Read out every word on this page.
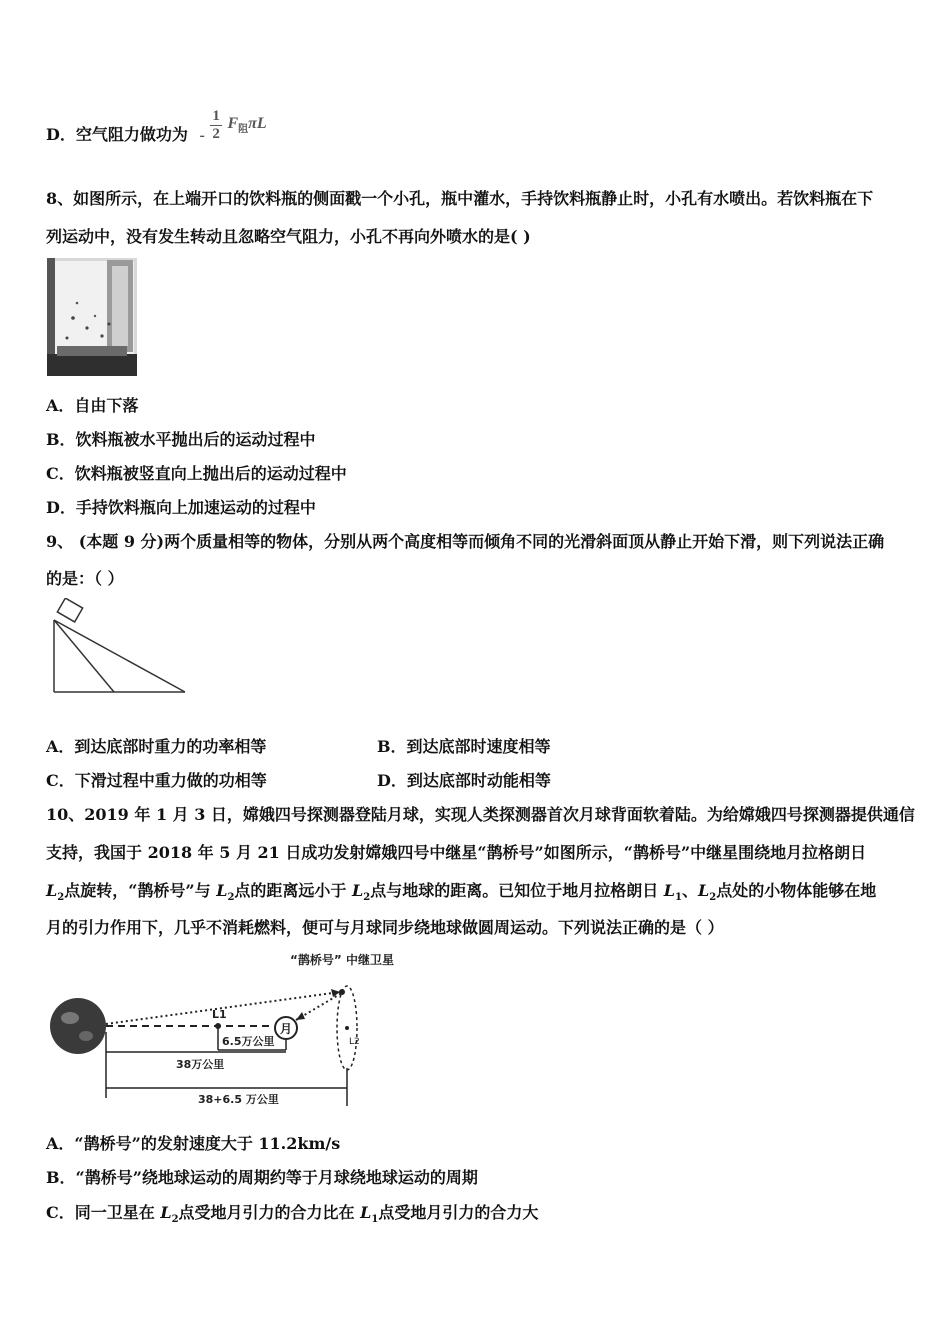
D．空气阻力做功为 - $\frac{1}{2} F_阻\pi L$
8、如图所示，在上端开口的饮料瓶的侧面戳一个小孔，瓶中灌水，手持饮料瓶静止时，小孔有水喷出。若饮料瓶在下
列运动中，没有发生转动且忽略空气阻力，小孔不再向外喷水的是( )
A．自由下落
B．饮料瓶被水平抛出后的运动过程中
C．饮料瓶被竖直向上抛出后的运动过程中
D．手持饮料瓶向上加速运动的过程中
9、 (本题 9 分)两个质量相等的物体，分别从两个高度相等而倾角不同的光滑斜面顶从静止开始下滑，则下列说法正确
的是：（ ）
A．到达底部时重力的功率相等	B．到达底部时速度相等
C．下滑过程中重力做的功相等	D．到达底部时动能相等
10、2019 年 1 月 3 日，嫦娥四号探测器登陆月球，实现人类探测器首次月球背面软着陆。为给嫦娥四号探测器提供通信
支持，我国于 2018 年 5 月 21 日成功发射嫦娥四号中继星“鹊桥号”如图所示，“鹊桥号”中继星围绕地月拉格朗日
$L_2$点旋转，“鹊桥号”与 $L_2$点的距离远小于 $L_2$点与地球的距离。已知位于地月拉格朗日 $L_1$、$L_2$点处的小物体能够在地
月的引力作用下，几乎不消耗燃料，便可与月球同步绕地球做圆周运动。下列说法正确的是（ ）
月
L1
L2
“鹊桥号” 中继卫星
6.5万公里
38万公里
38+6.5 万公里
A．“鹊桥号”的发射速度大于 11.2km/s
B．“鹊桥号”绕地球运动的周期约等于月球绕地球运动的周期
C．同一卫星在 $L_2$点受地月引力的合力比在 $L_1$点受地月引力的合力大
